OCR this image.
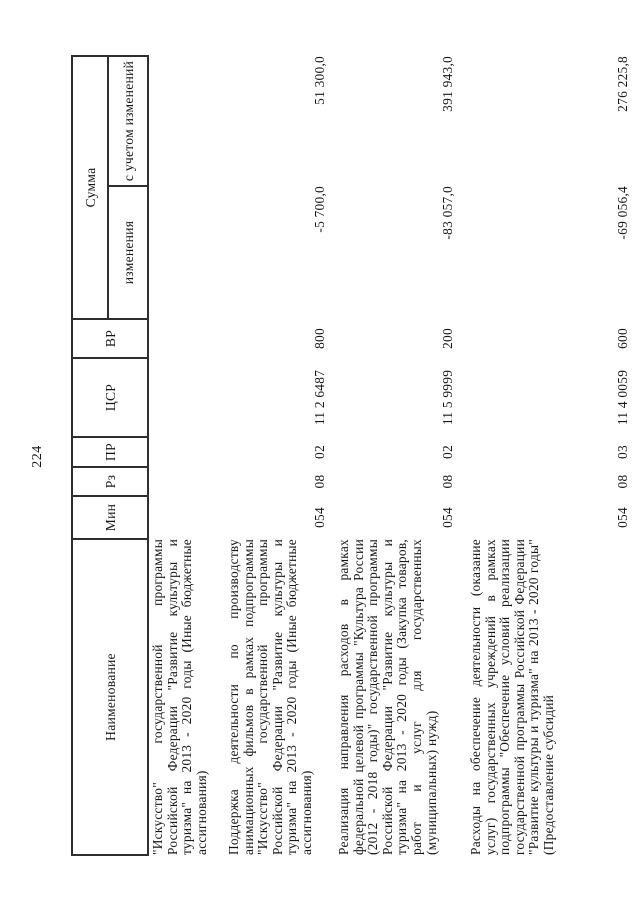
224
Наименование	Мин	Рз	ПР	ЦСР	ВР	Сумма	
						изменения	с учетом изменений
"Искусство" государственной программы Российской Федерации "Развитие культуры и туризма" на 2013 - 2020 годы (Иные бюджетные ассигнования)							
Поддержка деятельности по производству анимационных фильмов в рамках подпрограммы "Искусство" государственной программы Российской Федерации "Развитие культуры и туризма" на 2013 - 2020 годы (Иные бюджетные ассигнования)	054	08	02	11 2 6487	800	-5 700,0	51 300,0
Реализация направления расходов в рамках федеральной целевой программы "Культура России (2012 - 2018 годы)" государственной программы Российской Федерации "Развитие культуры и туризма" на 2013 - 2020 годы (Закупка товаров, работ и услуг для государственных (муниципальных) нужд)	054	08	02	11 5 9999	200	-83 057,0	391 943,0
Расходы на обеспечение деятельности (оказание услуг) государственных учреждений в рамках подпрограммы "Обеспечение условий реализации государственной программы Российской Федерации "Развитие культуры и туризма" на 2013 - 2020 годы" (Предоставление субсидий	054	08	03	11 4 0059	600	-69 056,4	276 225,8
